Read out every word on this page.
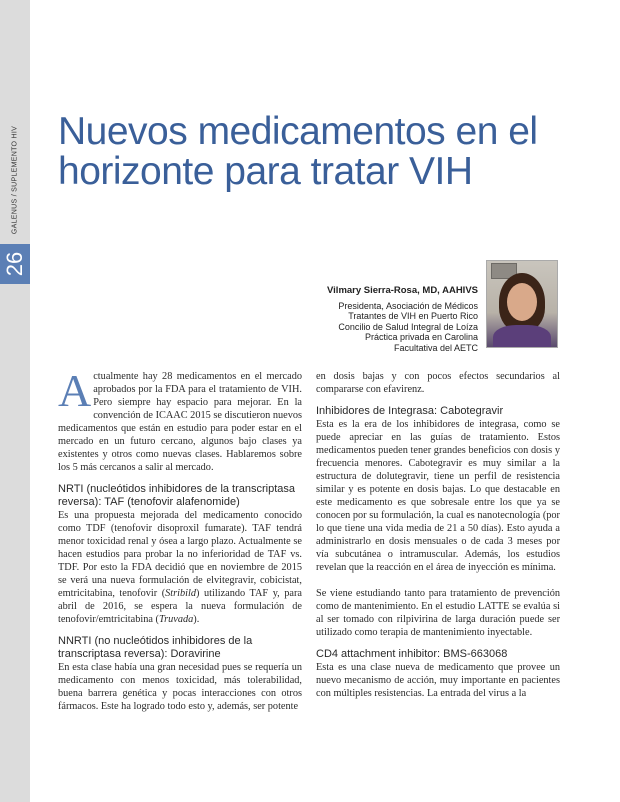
26
GALENUS / SUPLEMENTO HIV Nuevos medicamentos en el horizonte para tratar VIH
Vilmary Sierra-Rosa, MD, AAHIVS
Presidenta, Asociación de Médicos
Tratantes de VIH en Puerto Rico
Concilio de Salud Integral de Loíza
Práctica privada en Carolina
Facultativa del AETC

Actualmente hay 28 medicamentos en el mercado aprobados por la FDA para el tratamiento de VIH. Pero siempre hay espacio para mejorar. En la convención de ICAAC 2015 se discutieron nuevos medicamentos que están en estudio para poder estar en el mercado en un futuro cercano, algunos bajo clases ya existentes y otros como nuevas clases. Hablaremos sobre los 5 más cercanos a salir al mercado.

NRTI (nucleótidos inhibidores de la transcriptasa reversa): TAF (tenofovir alafenomide)

Es una propuesta mejorada del medicamento conocido como TDF (tenofovir disoproxil fumarate). TAF tendrá menor toxicidad renal y ósea a largo plazo. Actualmente se hacen estudios para probar la no inferioridad de TAF vs. TDF. Por esto la FDA decidió que en noviembre de 2015 se verá una nueva formulación de elvitegravir, cobicistat, emtricitabina, tenofovir (Stribild) utilizando TAF y, para abril de 2016, se espera la nueva formulación de tenofovir/emtricitabina (Truvada).

NNRTI (no nucleótidos inhibidores de la transcriptasa reversa): Doravirine

En esta clase había una gran necesidad pues se requería un medicamento con menos toxicidad, más tolerabilidad, buena barrera genética y pocas interacciones con otros fármacos. Este ha logrado todo esto y, además, ser potente

en dosis bajas y con pocos efectos secundarios al compararse con efavirenz.

Inhibidores de Integrasa: Cabotegravir

Esta es la era de los inhibidores de integrasa, como se puede apreciar en las guías de tratamiento. Estos medicamentos pueden tener grandes beneficios con dosis y frecuencia menores. Cabotegravir es muy similar a la estructura de dolutegravir, tiene un perfil de resistencia similar y es potente en dosis bajas. Lo que destacable en este medicamento es que sobresale entre los que ya se conocen por su formulación, la cual es nanotecnología (por lo que tiene una vida media de 21 a 50 días). Esto ayuda a administrarlo en dosis mensuales o de cada 3 meses por vía subcutánea o intramuscular. Además, los estudios revelan que la reacción en el área de inyección es mínima.

Se viene estudiando tanto para tratamiento de prevención como de mantenimiento. En el estudio LATTE se evalúa si al ser tomado con rilpivirina de larga duración puede ser utilizado como terapia de mantenimiento inyectable.

CD4 attachment inhibitor: BMS-663068

Esta es una clase nueva de medicamento que provee un nuevo mecanismo de acción, muy importante en pacientes con múltiples resistencias. La entrada del virus a la
